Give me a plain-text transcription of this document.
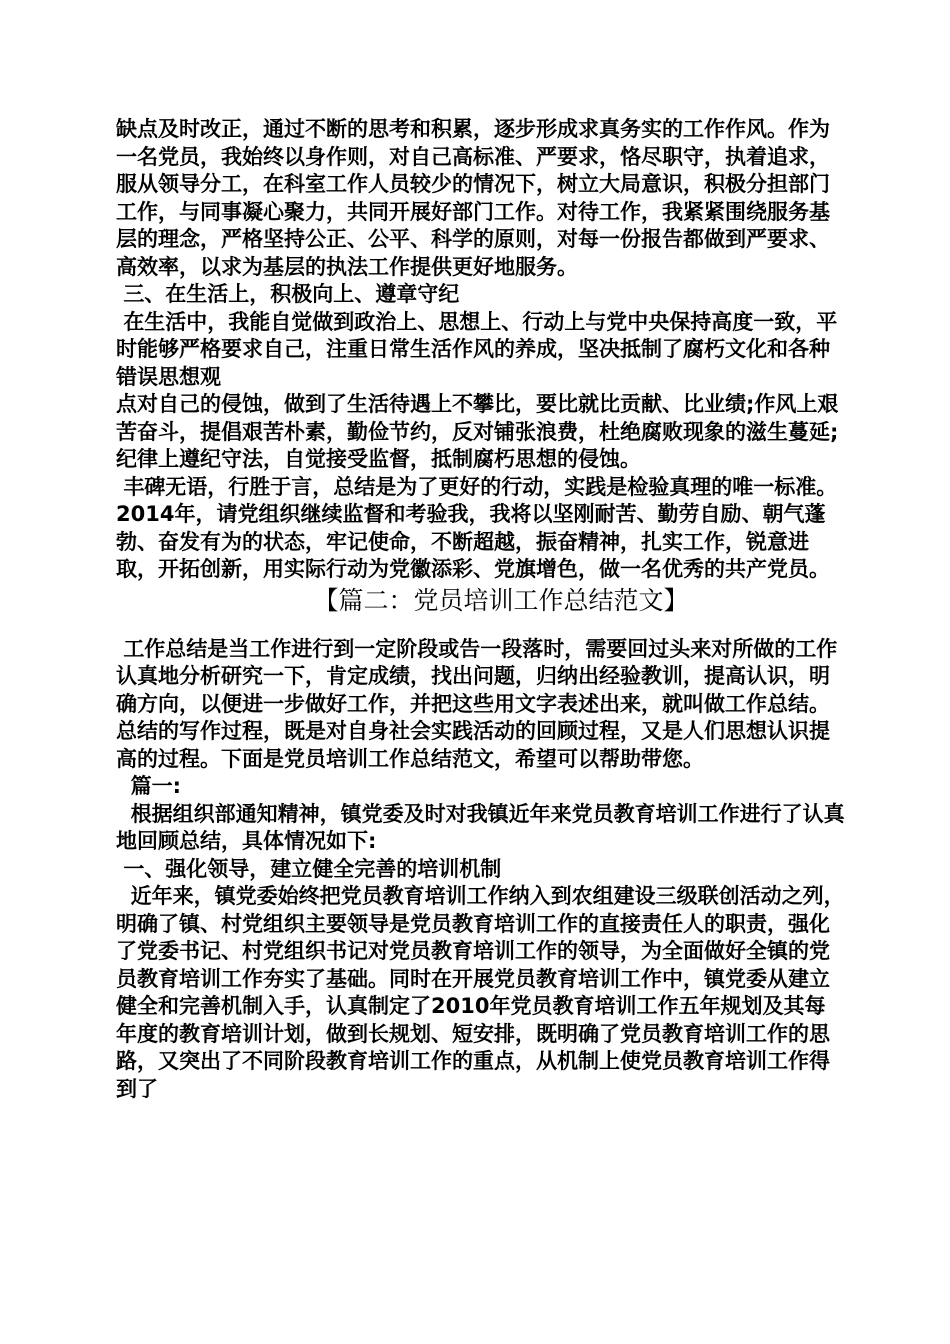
缺点及时改正，通过不断的思考和积累，逐步形成求真务实的工作作风。作为一名党员，我始终以身作则，对自己高标准、严要求，恪尽职守，执着追求，服从领导分工，在科室工作人员较少的情况下，树立大局意识，积极分担部门工作，与同事凝心聚力，共同开展好部门工作。对待工作，我紧紧围绕服务基层的理念，严格坚持公正、公平、科学的原则，对每一份报告都做到严要求、高效率，以求为基层的执法工作提供更好地服务。

三、在生活上，积极向上、遵章守纪

在生活中，我能自觉做到政治上、思想上、行动上与党中央保持高度一致，平时能够严格要求自己，注重日常生活作风的养成，坚决抵制了腐朽文化和各种错误思想观

点对自己的侵蚀，做到了生活待遇上不攀比，要比就比贡献、比业绩;作风上艰苦奋斗，提倡艰苦朴素，勤俭节约，反对铺张浪费，杜绝腐败现象的滋生蔓延;纪律上遵纪守法，自觉接受监督，抵制腐朽思想的侵蚀。

丰碑无语，行胜于言，总结是为了更好的行动，实践是检验真理的唯一标准。2014年，请党组织继续监督和考验我，我将以坚刚耐苦、勤劳自励、朝气蓬勃、奋发有为的状态，牢记使命，不断超越，振奋精神，扎实工作，锐意进取，开拓创新，用实际行动为党徽添彩、党旗增色，做一名优秀的共产党员。

【篇二：党员培训工作总结范文】

工作总结是当工作进行到一定阶段或告一段落时，需要回过头来对所做的工作认真地分析研究一下，肯定成绩，找出问题，归纳出经验教训，提高认识，明确方向，以便进一步做好工作，并把这些用文字表述出来，就叫做工作总结。总结的写作过程，既是对自身社会实践活动的回顾过程，又是人们思想认识提高的过程。下面是党员培训工作总结范文，希望可以帮助带您。

篇一:

根据组织部通知精神，镇党委及时对我镇近年来党员教育培训工作进行了认真地回顾总结，具体情况如下:

一、强化领导，建立健全完善的培训机制

近年来，镇党委始终把党员教育培训工作纳入到农组建设三级联创活动之列，明确了镇、村党组织主要领导是党员教育培训工作的直接责任人的职责，强化了党委书记、村党组织书记对党员教育培训工作的领导，为全面做好全镇的党员教育培训工作夯实了基础。同时在开展党员教育培训工作中，镇党委从建立健全和完善机制入手，认真制定了2010年党员教育培训工作五年规划及其每年度的教育培训计划，做到长规划、短安排，既明确了党员教育培训工作的思路，又突出了不同阶段教育培训工作的重点，从机制上使党员教育培训工作得到了
